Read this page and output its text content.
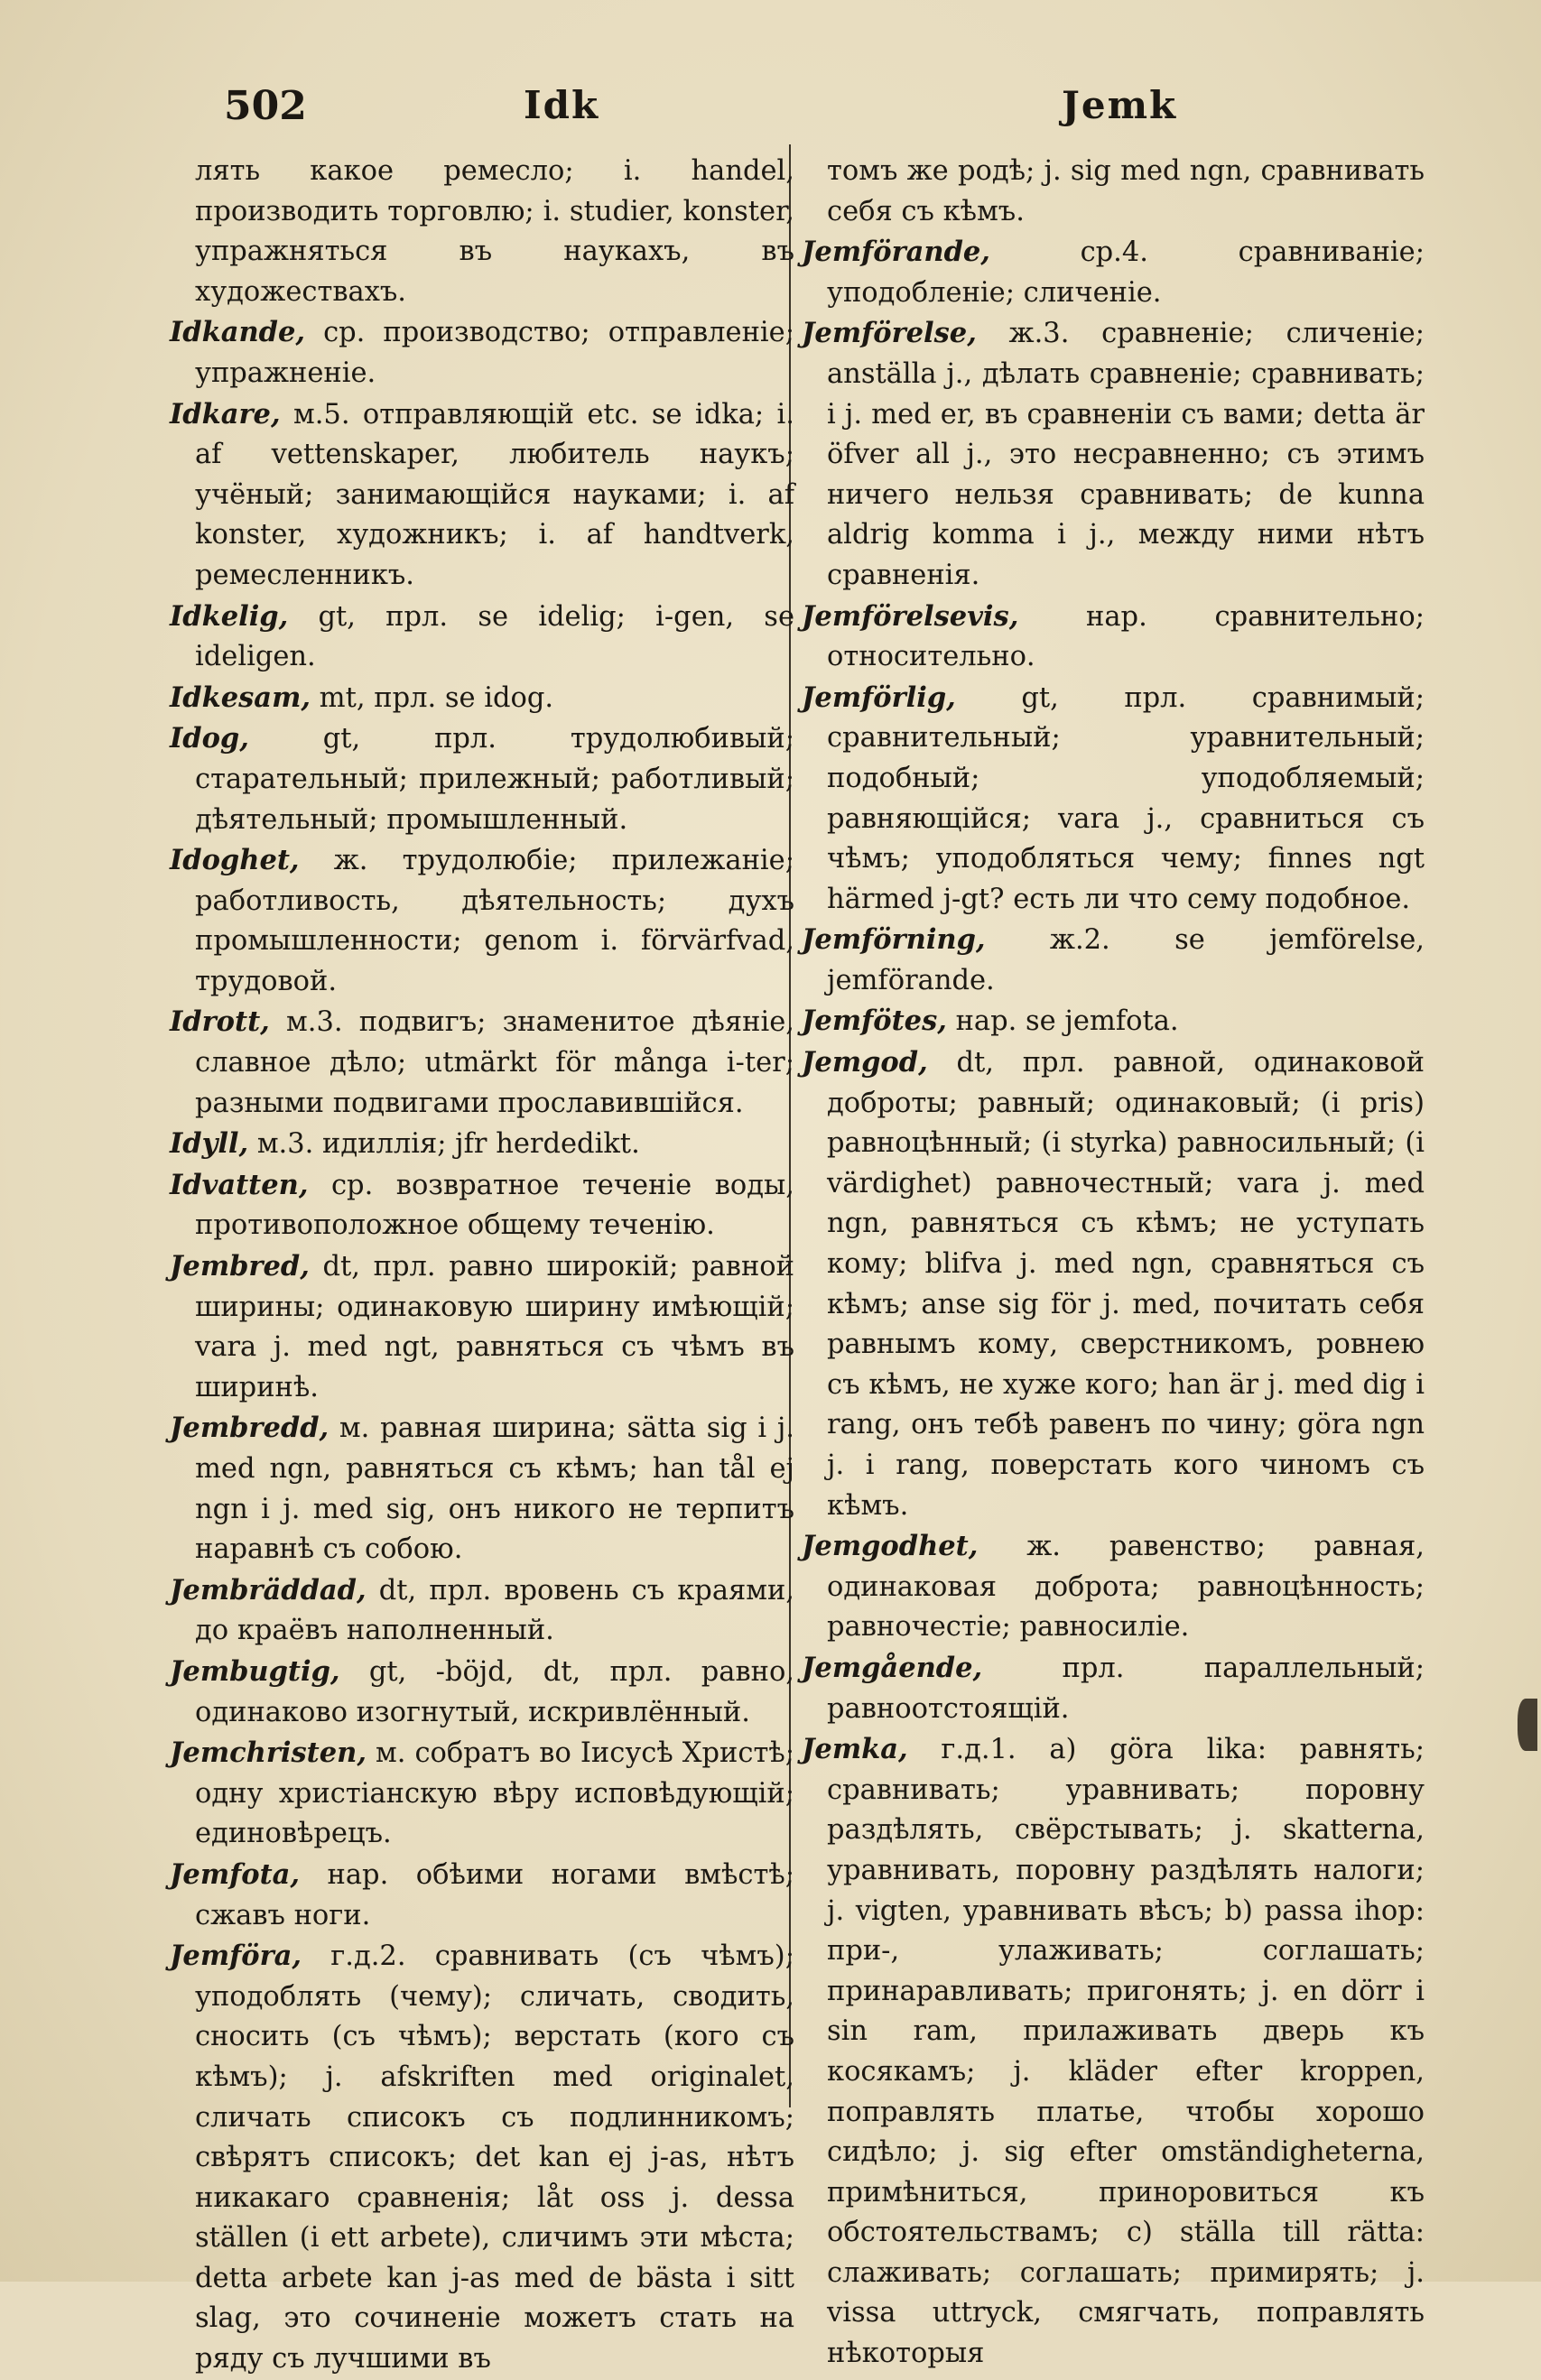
502	Idk	Jemk

лять какое ремесло; i. handel, производить торговлю; i. studier, konster, упражняться въ наукахъ, въ художествахъ.

Idkande, ср. производство; отправленіе; упражненіе.

Idkare, м.5. отправляющій etc. se idka; i. af vettenskaper, любитель наукъ; учёный; занимающійся науками; i. af konster, художникъ; i. af handtverk, ремесленникъ.

Idkelig, gt, прл. se idelig; i-gen, se ideligen.

Idkesam, mt, прл. se idog.

Idog,	gt, прл. трудолюбивый; старательный; прилежный; работливый; дѣятельный; промышленный.

Idoghet, ж. трудолюбіе; прилежаніе; работливость, дѣятельность; духъ промышленности; genom i. förvärfvad, трудовой.

Idrott, м.3. подвигъ; знаменитое дѣяніе, славное дѣло; utmärkt för många i-ter; разными подвигами прославившійся.

Idyll, м.3. идиллія; jfr herdedikt.

Idvatten, ср. возвратное теченіе воды, противоположное общему теченію.

Jembred, dt, прл. равно широкій; равной ширины; одинаковую ширину имѣющій; vara j. med ngt, равняться съ чѣмъ въ ширинѣ.

Jembredd, м. равная ширина; sätta sig i j. med ngn, равняться съ кѣмъ; han tål ej ngn i j. med sig, онъ никого не терпитъ наравнѣ съ собою.

Jembräddad, dt, прл. вровень съ краями, до краёвъ наполненный.

Jembugtig, gt, -böjd, dt, прл. равно, одинаково изогнутый, искривлённый.

Jemchristen, м. собратъ во Іисусѣ Христѣ; одну христіанскую вѣру исповѣдующій; единовѣрецъ.

Jemfota, нар. обѣими ногами вмѣстѣ; сжавъ ноги.

Jemföra, г.д.2. сравнивать (съ чѣмъ); уподоблять (чему); сличать, сводить, сносить (съ чѣмъ); верстать (кого съ кѣмъ); j. afskriften med originalet, сличать списокъ съ подлинникомъ; свѣрятъ списокъ; det kan ej j-as, нѣтъ никакаго сравненія; låt oss j. dessa ställen (i ett arbete), сличимъ эти мѣста; detta arbete kan j-as med de bästa i sitt slag, это сочиненіе можетъ стать на ряду съ лучшими въ

томъ же родѣ; j. sig med ngn, сравнивать себя съ кѣмъ.

Jemförande,	ср.4. сравниваніе; уподобленіе; сличеніе.

Jemförelse, ж.3. сравненіе; сличеніе; anställa j., дѣлать сравненіе; сравнивать; i j. med er, въ сравненіи съ вами; detta är öfver all j., это несравненно; съ этимъ ничего нельзя сравнивать; de kunna aldrig komma i j., между ними нѣтъ сравненія.

Jemförelsevis, нар. сравнительно; относительно.

Jemförlig, gt, прл. сравнимый; сравнительный; уравнительный; подобный; уподобляемый; равняющійся; vara j., сравниться съ чѣмъ; уподобляться чему; finnes ngt härmed j-gt? есть ли что сему подобное.

Jemförning, ж.2. se jemförelse, jemförande.

Jemfötes, нар. se jemfota.

Jemgod, dt, прл. равной, одинаковой доброты; равный; одинаковый; (i pris) равноцѣнный; (i styrka) равносильный; (i värdighet) равночестный; vara j. med ngn, равняться съ кѣмъ; не уступать кому; blifva j. med ngn, сравняться съ кѣмъ; anse sig för j. med, почитать себя равнымъ кому, сверстникомъ, ровнею съ кѣмъ, не хуже кого; han är j. med dig i rang, онъ тебѣ равенъ по чину; göra ngn j. i rang, поверстать кого чиномъ съ кѣмъ.

Jemgodhet, ж. равенство; равная, одинаковая доброта; равноцѣнность; равночестіе; равносиліе.

Jemgående,	прл. параллельный; равноотстоящій.

Jemka, г.д.1. a) göra lika: равнять; сравнивать; уравнивать; поровну раздѣлять, свёрстывать; j. skatterna, уравнивать, поровну раздѣлять налоги; j. vigten, уравнивать вѣсъ; b) passa ihop: при-, улаживать; соглашать; принаравливать; пригонять; j. en dörr i sin ram, прилаживать дверь къ косякамъ; j. kläder efter kroppen, поправлять платье, чтобы хорошо сидѣло; j. sig efter omständigheterna, примѣниться, приноровиться къ обстоятельствамъ; c) ställa till rätta: слаживать; соглашать; примирять; j. vissa uttryck, смягчать, поправлять нѣкоторыя
